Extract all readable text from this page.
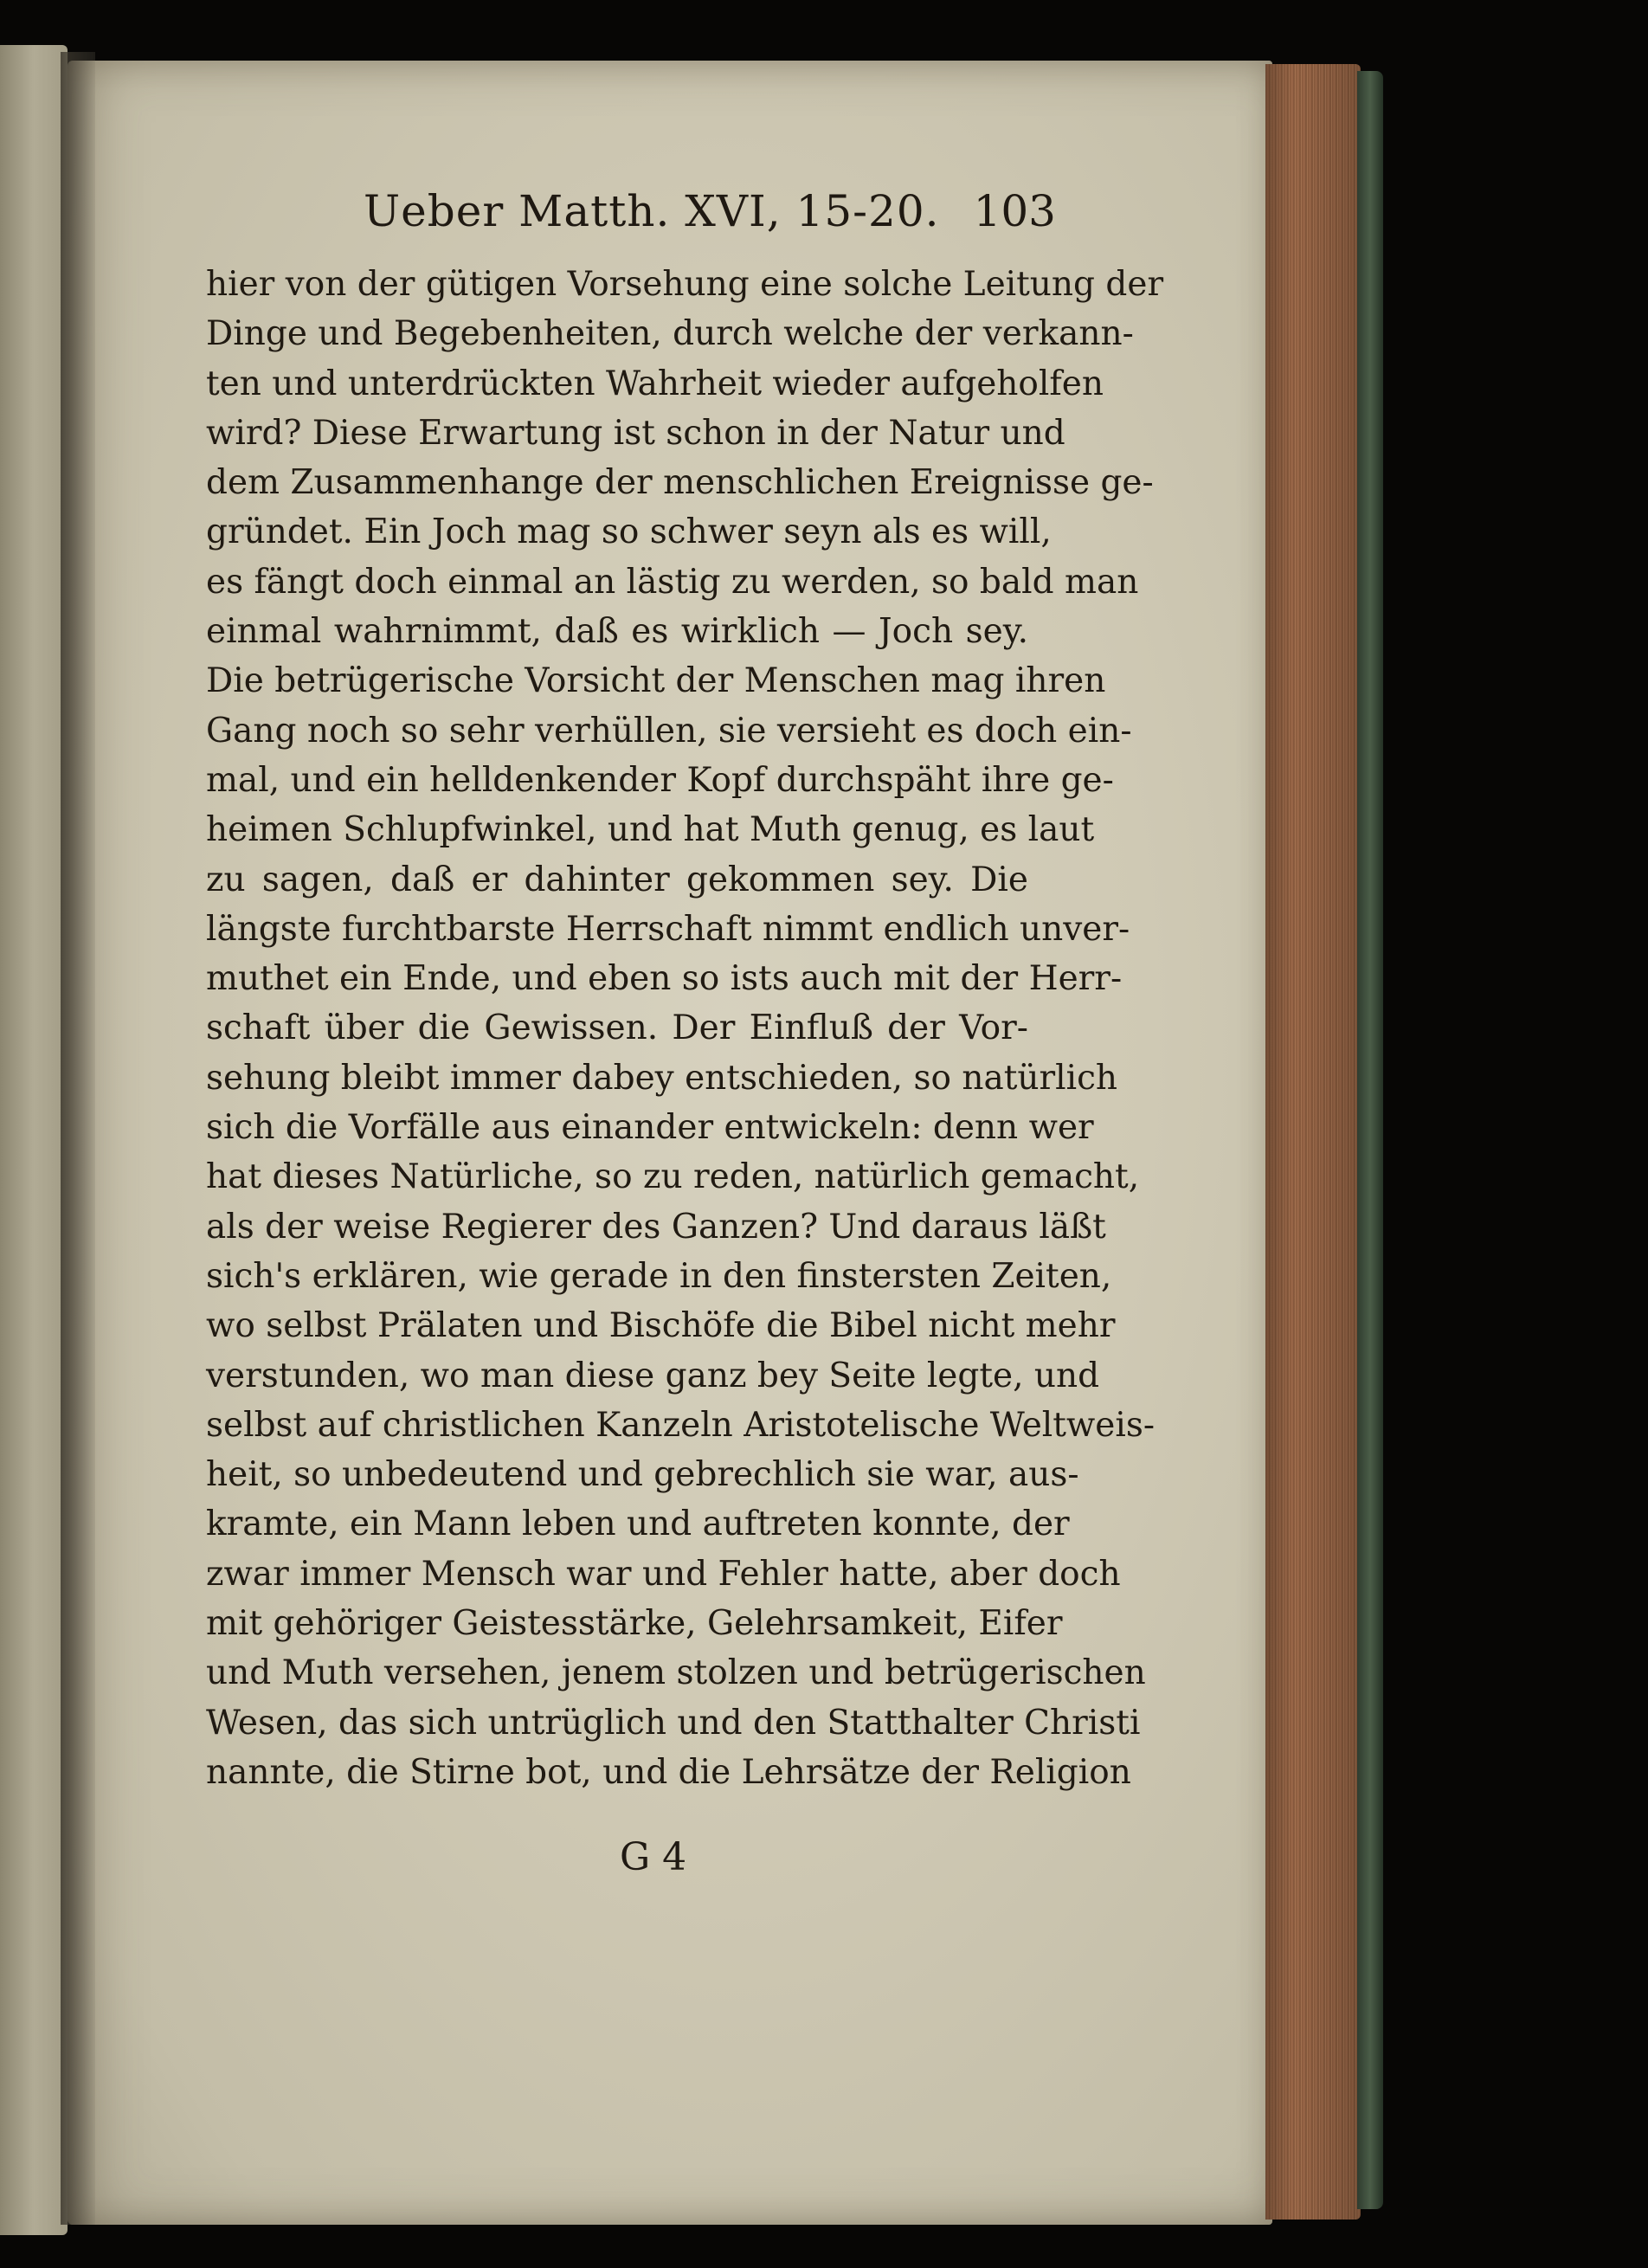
Ueber Matth. XVI, 15-20. 103
hier von der gütigen Vorsehung eine solche Leitung der
Dinge und Begebenheiten, durch welche der verkann-
ten und unterdrückten Wahrheit wieder aufgeholfen
wird? Diese Erwartung ist schon in der Natur und
dem Zusammenhange der menschlichen Ereignisse ge-
gründet. Ein Joch mag so schwer seyn als es will,
es fängt doch einmal an lästig zu werden, so bald man
einmal wahrnimmt, daß es wirklich — Joch sey.
Die betrügerische Vorsicht der Menschen mag ihren
Gang noch so sehr verhüllen, sie versieht es doch ein-
mal, und ein helldenkender Kopf durchspäht ihre ge-
heimen Schlupfwinkel, und hat Muth genug, es laut
zu sagen, daß er dahinter gekommen sey. Die
längste furchtbarste Herrschaft nimmt endlich unver-
muthet ein Ende, und eben so ists auch mit der Herr-
schaft über die Gewissen. Der Einfluß der Vor-
sehung bleibt immer dabey entschieden, so natürlich
sich die Vorfälle aus einander entwickeln: denn wer
hat dieses Natürliche, so zu reden, natürlich gemacht,
als der weise Regierer des Ganzen? Und daraus läßt
sich's erklären, wie gerade in den finstersten Zeiten,
wo selbst Prälaten und Bischöfe die Bibel nicht mehr
verstunden, wo man diese ganz bey Seite legte, und
selbst auf christlichen Kanzeln Aristotelische Weltweis-
heit, so unbedeutend und gebrechlich sie war, aus-
kramte, ein Mann leben und auftreten konnte, der
zwar immer Mensch war und Fehler hatte, aber doch
mit gehöriger Geistesstärke, Gelehrsamkeit, Eifer
und Muth versehen, jenem stolzen und betrügerischen
Wesen, das sich untrüglich und den Statthalter Christi
nannte, die Stirne bot, und die Lehrsätze der Religion
G 4
